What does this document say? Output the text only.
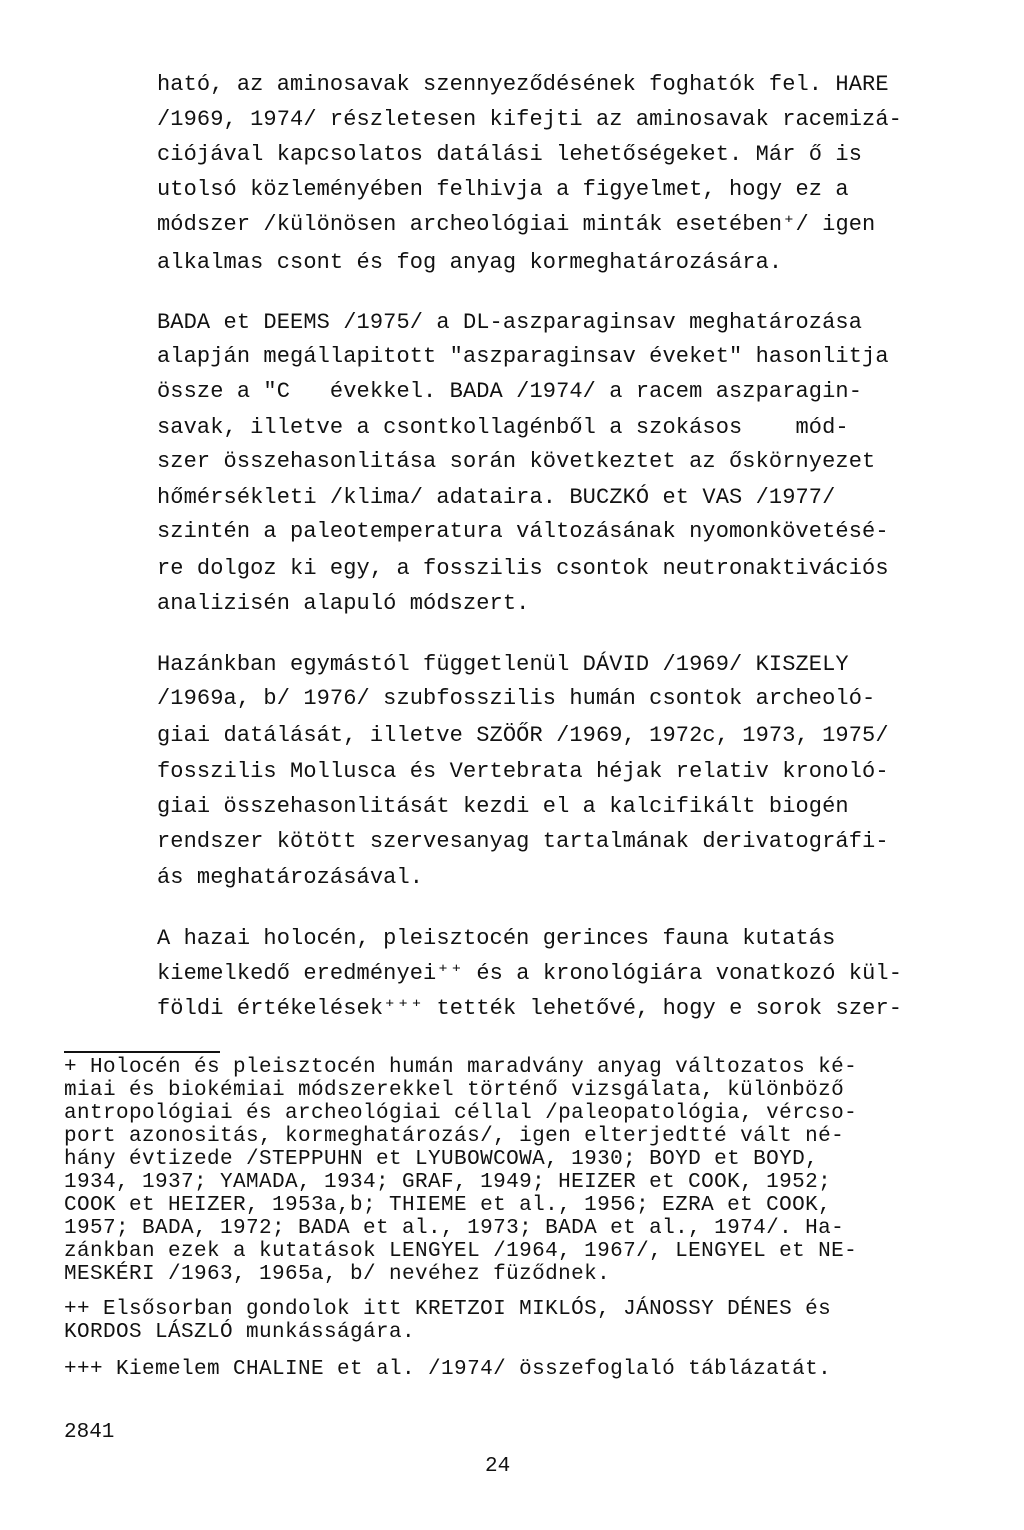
ható, az aminosavak szennyeződésének foghatók fel. HARE
/1969, 1974/ részletesen kifejti az aminosavak racemizá-
ciójával kapcsolatos datálási lehetőségeket. Már ő is
utolsó közleményében felhivja a figyelmet, hogy ez a
módszer /különösen archeológiai minták esetében⁺/ igen
alkalmas csont és fog anyag kormeghatározására.
BADA et DEEMS /1975/ a DL-aszparaginsav meghatározása
alapján megállapitott "aszparaginsav éveket" hasonlitja
össze a "C   évekkel. BADA /1974/ a racem aszparagin-
savak, illetve a csontkollagénből a szokásos    mód-
szer összehasonlitása során következtet az őskörnyezet
hőmérsékleti /klima/ adataira. BUCZKÓ et VAS /1977/
szintén a paleotemperatura változásának nyomonkövetésé-
re dolgoz ki egy, a fosszilis csontok neutronaktivációs
analizisén alapuló módszert.
Hazánkban egymástól függetlenül DÁVID /1969/ KISZELY
/1969a, b/ 1976/ szubfosszilis humán csontok archeoló-
giai datálását, illetve SZÖŐR /1969, 1972c, 1973, 1975/
fosszilis Mollusca és Vertebrata héjak relativ kronoló-
giai összehasonlitását kezdi el a kalcifikált biogén
rendszer kötött szervesanyag tartalmának derivatográfi-
ás meghatározásával.
A hazai holocén, pleisztocén gerinces fauna kutatás
kiemelkedő eredményei⁺⁺ és a kronológiára vonatkozó kül-
földi értékelések⁺⁺⁺ tették lehetővé, hogy e sorok szer-
+ Holocén és pleisztocén humán maradvány anyag változatos ké-
miai és biokémiai módszerekkel történő vizsgálata, különböző
antropológiai és archeológiai céllal /paleopatológia, vércso-
port azonositás, kormeghatározás/, igen elterjedtté vált né-
hány évtizede /STEPPUHN et LYUBOWCOWA, 1930; BOYD et BOYD,
1934, 1937; YAMADA, 1934; GRAF, 1949; HEIZER et COOK, 1952;
COOK et HEIZER, 1953a,b; THIEME et al., 1956; EZRA et COOK,
1957; BADA, 1972; BADA et al., 1973; BADA et al., 1974/. Ha-
zánkban ezek a kutatások LENGYEL /1964, 1967/, LENGYEL et NE-
MESKÉRI /1963, 1965a, b/ nevéhez füződnek.
++ Elsősorban gondolok itt KRETZOI MIKLÓS, JÁNOSSY DÉNES és
KORDOS LÁSZLÓ munkásságára.
+++ Kiemelem CHALINE et al. /1974/ összefoglaló táblázatát.
2841
24
